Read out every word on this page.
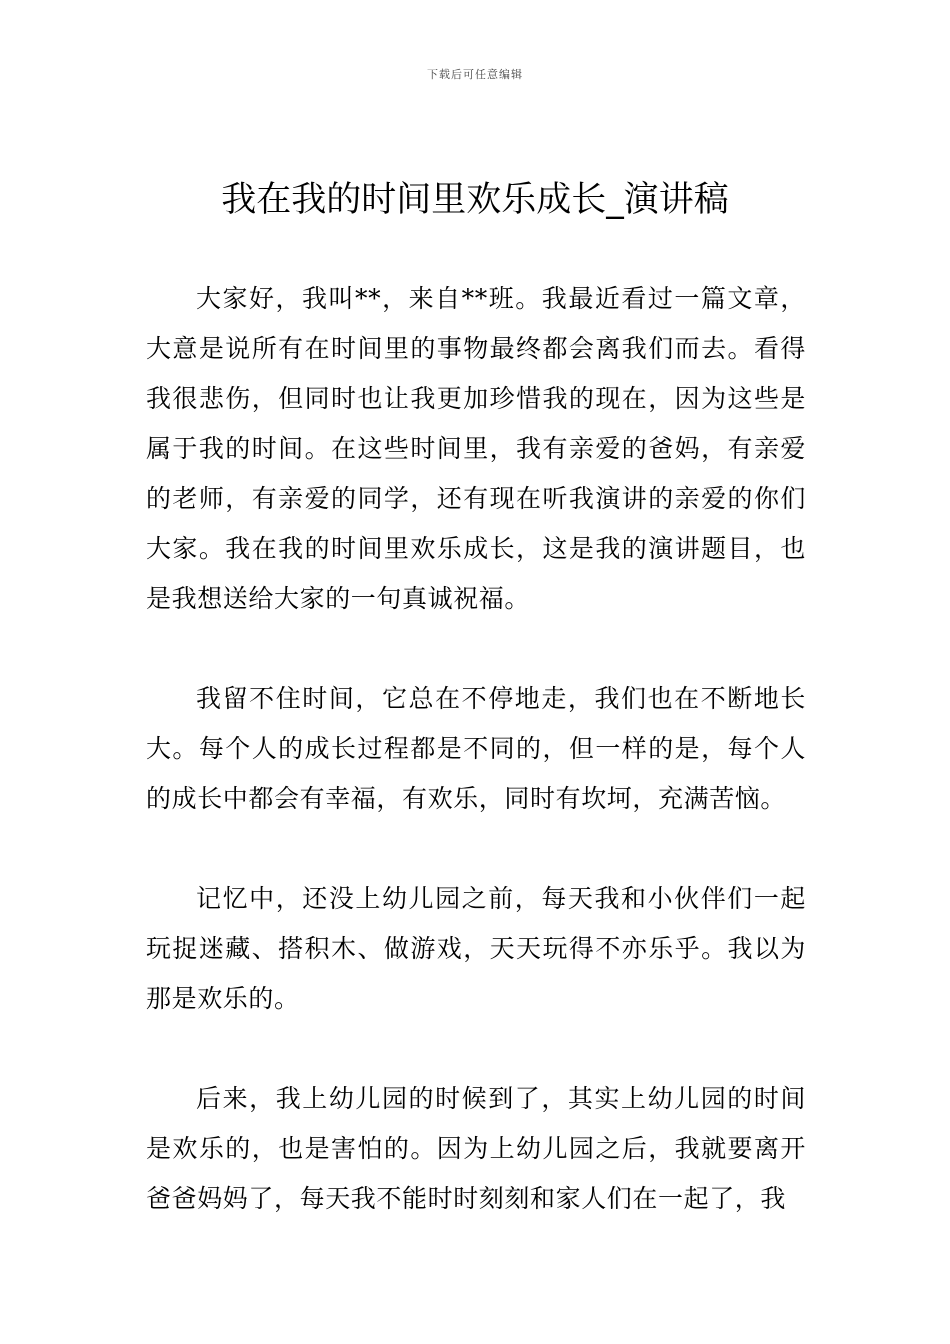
下载后可任意编辑
我在我的时间里欢乐成长_演讲稿

大家好，我叫**，来自**班。我最近看过一篇文章，大意是说所有在时间里的事物最终都会离我们而去。看得我很悲伤，但同时也让我更加珍惜我的现在，因为这些是属于我的时间。在这些时间里，我有亲爱的爸妈，有亲爱的老师，有亲爱的同学，还有现在听我演讲的亲爱的你们大家。我在我的时间里欢乐成长，这是我的演讲题目，也是我想送给大家的一句真诚祝福。

我留不住时间，它总在不停地走，我们也在不断地长大。每个人的成长过程都是不同的，但一样的是，每个人的成长中都会有幸福，有欢乐，同时有坎坷，充满苦恼。

记忆中，还没上幼儿园之前，每天我和小伙伴们一起玩捉迷藏、搭积木、做游戏，天天玩得不亦乐乎。我以为那是欢乐的。

后来，我上幼儿园的时候到了，其实上幼儿园的时间是欢乐的，也是害怕的。因为上幼儿园之后，我就要离开爸爸妈妈了，每天我不能时时刻刻和家人们在一起了，我
